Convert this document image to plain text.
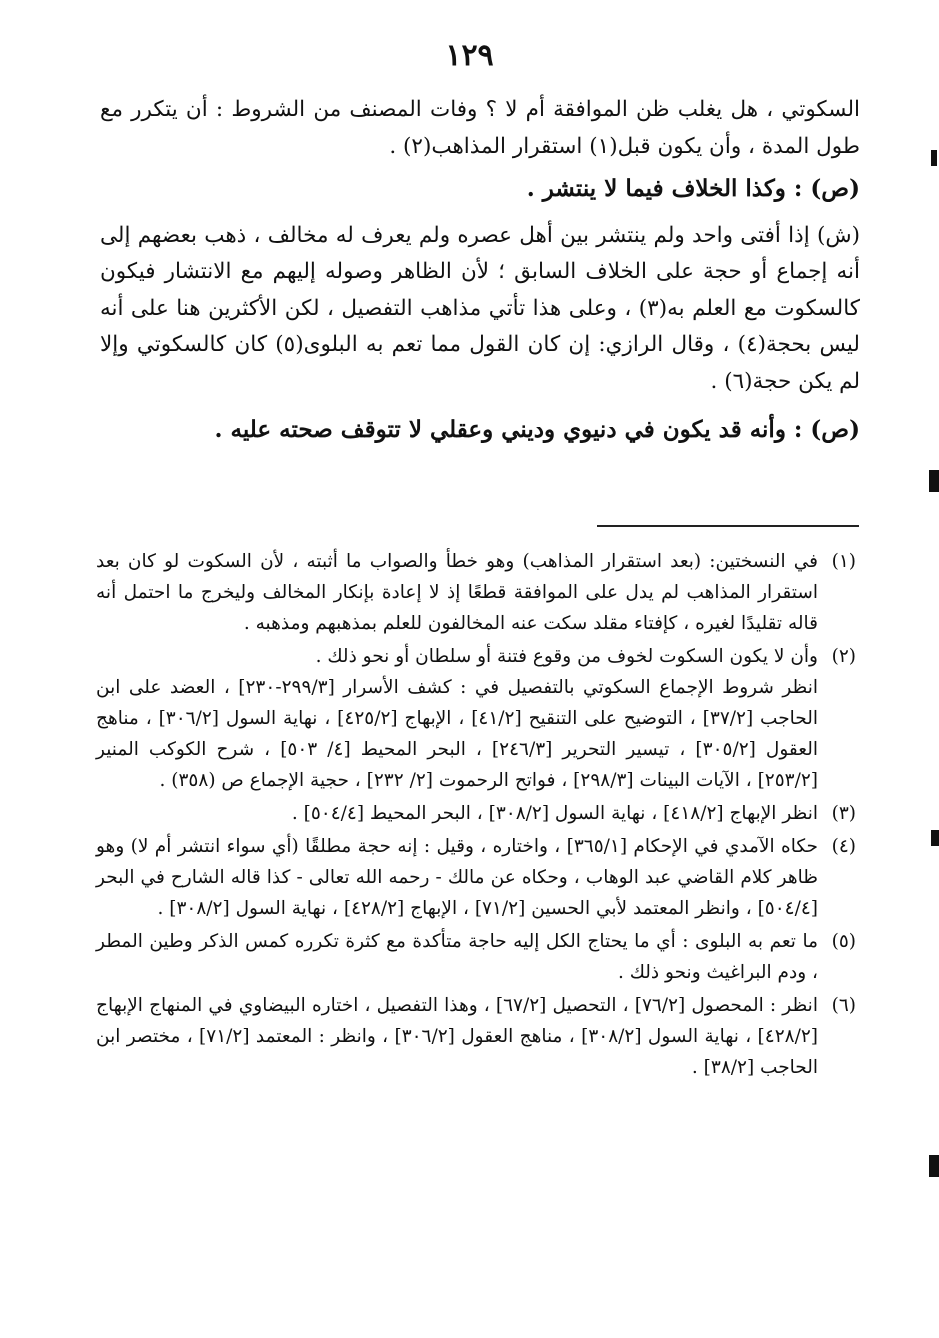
١٢٩

السكوتي ، هل يغلب ظن الموافقة أم لا ؟ وفات المصنف من الشروط : أن يتكرر مع طول المدة ، وأن يكون قبل(١) استقرار المذاهب(٢) .

(ص) : وكذا الخلاف فيما لا ينتشر .

(ش) إذا أفتى واحد ولم ينتشر بين أهل عصره ولم يعرف له مخالف ، ذهب بعضهم إلى أنه إجماع أو حجة على الخلاف السابق ؛ لأن الظاهر وصوله إليهم مع الانتشار فيكون كالسكوت مع العلم به(٣) ، وعلى هذا تأتي مذاهب التفصيل ، لكن الأكثرين هنا على أنه ليس بحجة(٤) ، وقال الرازي: إن كان القول مما تعم به البلوى(٥) كان كالسكوتي وإلا لم يكن حجة(٦) .

(ص) : وأنه قد يكون في دنيوي وديني وعقلي لا تتوقف صحته عليه .

(١)

في النسختين: (بعد استقرار المذاهب) وهو خطأ والصواب ما أثبته ، لأن السكوت لو كان بعد استقرار المذاهب لم يدل على الموافقة قطعًا إذ لا إعادة بإنكار المخالف وليخرج ما احتمل أنه قاله تقليدًا لغيره ، كإفتاء مقلد سكت عنه المخالفون للعلم بمذهبهم ومذهبه .

(٢)

وأن لا يكون السكوت لخوف من وقوع فتنة أو سلطان أو نحو ذلك .

انظر شروط الإجماع السكوتي بالتفصيل في : كشف الأسرار [٢٩٩/٣-٢٣٠] ، العضد على ابن الحاجب [٣٧/٢] ، التوضيح على التنقيح [٤١/٢] ، الإبهاج [٤٢٥/٢] ، نهاية السول [٣٠٦/٢] ، مناهج العقول [٣٠٥/٢] ، تيسير التحرير [٢٤٦/٣] ، البحر المحيط [٤/ ٥٠٣] ، شرح الكوكب المنير [٢٥٣/٢] ، الآيات البينات [٢٩٨/٣] ، فواتح الرحموت [٢/ ٢٣٢] ، حجية الإجماع ص (٣٥٨) .

(٣)

انظر الإبهاج [٤١٨/٢] ، نهاية السول [٣٠٨/٢] ، البحر المحيط [٥٠٤/٤] .

(٤)

حكاه الآمدي في الإحكام [٣٦٥/١] ، واختاره ، وقيل : إنه حجة مطلقًا (أي سواء انتشر أم لا) وهو ظاهر كلام القاضي عبد الوهاب ، وحكاه عن مالك - رحمه الله تعالى - كذا قاله الشارح في البحر [٥٠٤/٤] ، وانظر المعتمد لأبي الحسين [٧١/٢] ، الإبهاج [٤٢٨/٢] ، نهاية السول [٣٠٨/٢] .

(٥)

ما تعم به البلوى : أي ما يحتاج الكل إليه حاجة متأكدة مع كثرة تكرره كمس الذكر وطين المطر ، ودم البراغيث ونحو ذلك .

(٦)

انظر : المحصول [٧٦/٢] ، التحصيل [٦٧/٢] ، وهذا التفصيل ، اختاره البيضاوي في المنهاج الإبهاج [٤٢٨/٢] ، نهاية السول [٣٠٨/٢] ، مناهج العقول [٣٠٦/٢] ، وانظر : المعتمد [٧١/٢] ، مختصر ابن الحاجب [٣٨/٢] .
